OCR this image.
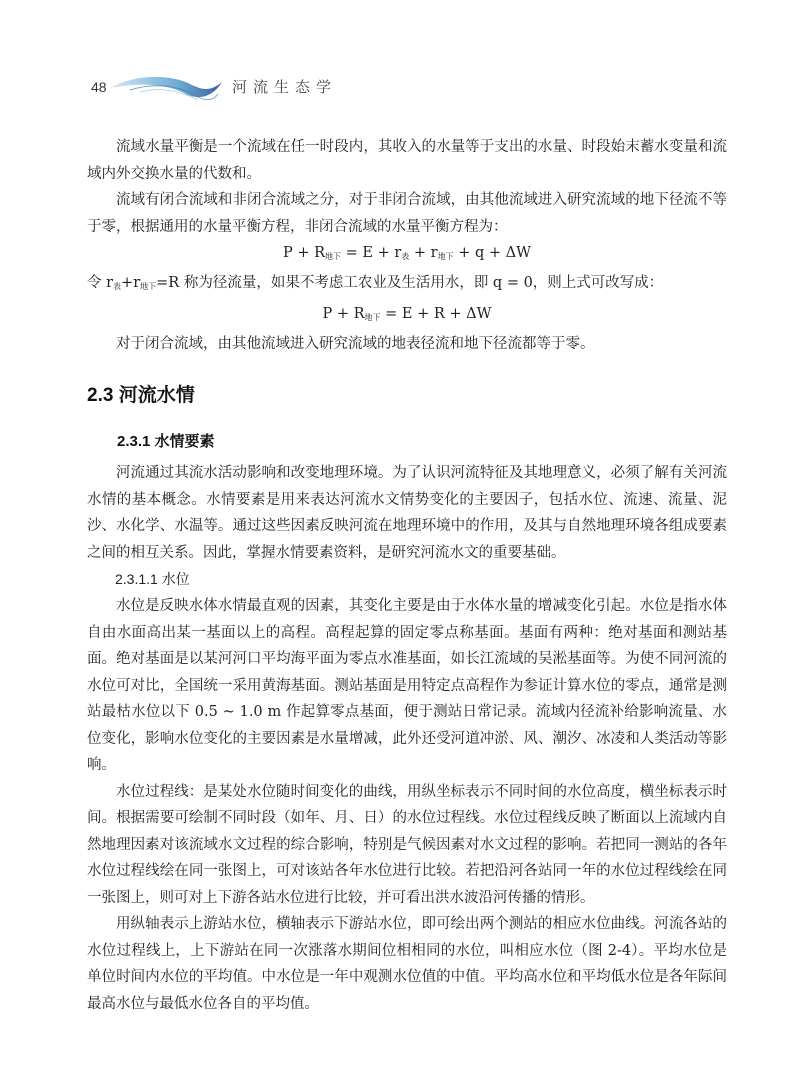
48	河流生态学

流域水量平衡是一个流域在任一时段内，其收入的水量等于支出的水量、时段始末蓄水变量和流域内外交换水量的代数和。

流域有闭合流域和非闭合流域之分，对于非闭合流域，由其他流域进入研究流域的地下径流不等于零，根据通用的水量平衡方程，非闭合流域的水量平衡方程为：

$P + R_{地下} = E + r_表 + r_{地下} + q + \Delta W$

令 $r_表+r_{地下}=R$ 称为径流量，如果不考虑工农业及生活用水，即 q = 0，则上式可改写成：

$P + R_{地下} = E + R + \Delta W$

对于闭合流域，由其他流域进入研究流域的地表径流和地下径流都等于零。

2.3 河流水情
2.3.1 水情要素

河流通过其流水活动影响和改变地理环境。为了认识河流特征及其地理意义，必须了解有关河流水情的基本概念。水情要素是用来表达河流水文情势变化的主要因子，包括水位、流速、流量、泥沙、水化学、水温等。通过这些因素反映河流在地理环境中的作用，及其与自然地理环境各组成要素之间的相互关系。因此，掌握水情要素资料，是研究河流水文的重要基础。

2.3.1.1 水位

水位是反映水体水情最直观的因素，其变化主要是由于水体水量的增减变化引起。水位是指水体自由水面高出某一基面以上的高程。高程起算的固定零点称基面。基面有两种：绝对基面和测站基面。绝对基面是以某河河口平均海平面为零点水准基面，如长江流域的吴淞基面等。为使不同河流的水位可对比，全国统一采用黄海基面。测站基面是用特定点高程作为参证计算水位的零点，通常是测站最枯水位以下 0.5 ~ 1.0 m 作起算零点基面，便于测站日常记录。流域内径流补给影响流量、水位变化，影响水位变化的主要因素是水量增减，此外还受河道冲淤、风、潮汐、冰凌和人类活动等影响。

水位过程线：是某处水位随时间变化的曲线，用纵坐标表示不同时间的水位高度，横坐标表示时间。根据需要可绘制不同时段（如年、月、日）的水位过程线。水位过程线反映了断面以上流域内自然地理因素对该流域水文过程的综合影响，特别是气候因素对水文过程的影响。若把同一测站的各年水位过程线绘在同一张图上，可对该站各年水位进行比较。若把沿河各站同一年的水位过程线绘在同一张图上，则可对上下游各站水位进行比较，并可看出洪水波沿河传播的情形。

用纵轴表示上游站水位，横轴表示下游站水位，即可绘出两个测站的相应水位曲线。河流各站的水位过程线上，上下游站在同一次涨落水期间位相相同的水位，叫相应水位（图 2-4）。平均水位是单位时间内水位的平均值。中水位是一年中观测水位值的中值。平均高水位和平均低水位是各年际间最高水位与最低水位各自的平均值。
